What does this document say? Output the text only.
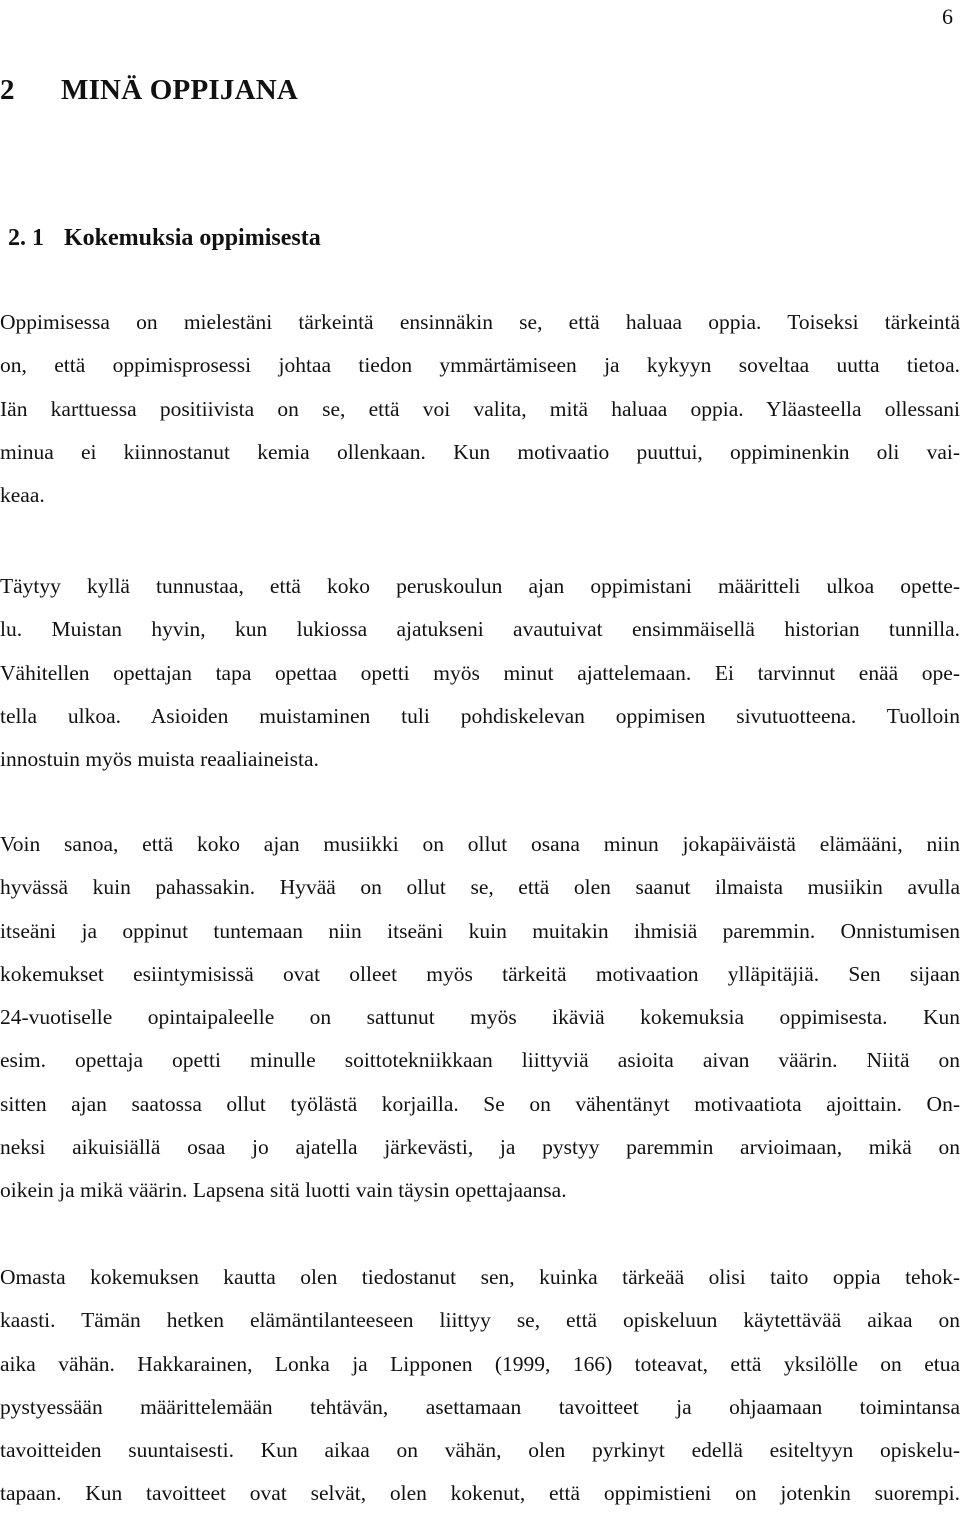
6
2 MINÄ OPPIJANA
2. 1 Kokemuksia oppimisesta
Oppimisessa on mielestäni tärkeintä ensinnäkin se, että haluaa oppia. Toiseksi tärkeintä
on, että oppimisprosessi johtaa tiedon ymmärtämiseen ja kykyyn soveltaa uutta tietoa.
Iän karttuessa positiivista on se, että voi valita, mitä haluaa oppia. Yläasteella ollessani
minua ei kiinnostanut kemia ollenkaan. Kun motivaatio puuttui, oppiminenkin oli vai-
keaa.
Täytyy kyllä tunnustaa, että koko peruskoulun ajan oppimistani määritteli ulkoa opette-
lu. Muistan hyvin, kun lukiossa ajatukseni avautuivat ensimmäisellä historian tunnilla.
Vähitellen opettajan tapa opettaa opetti myös minut ajattelemaan. Ei tarvinnut enää ope-
tella ulkoa. Asioiden muistaminen tuli pohdiskelevan oppimisen sivutuotteena. Tuolloin
innostuin myös muista reaaliaineista.
Voin sanoa, että koko ajan musiikki on ollut osana minun jokapäiväistä elämääni, niin
hyvässä kuin pahassakin. Hyvää on ollut se, että olen saanut ilmaista musiikin avulla
itseäni ja oppinut tuntemaan niin itseäni kuin muitakin ihmisiä paremmin. Onnistumisen
kokemukset esiintymisissä ovat olleet myös tärkeitä motivaation ylläpitäjiä. Sen sijaan
24-vuotiselle opintaipaleelle on sattunut myös ikäviä kokemuksia oppimisesta. Kun
esim. opettaja opetti minulle soittotekniikkaan liittyviä asioita aivan väärin. Niitä on
sitten ajan saatossa ollut työlästä korjailla. Se on vähentänyt motivaatiota ajoittain. On-
neksi aikuisiällä osaa jo ajatella järkevästi, ja pystyy paremmin arvioimaan, mikä on
oikein ja mikä väärin. Lapsena sitä luotti vain täysin opettajaansa.
Omasta kokemuksen kautta olen tiedostanut sen, kuinka tärkeää olisi taito oppia tehok-
kaasti. Tämän hetken elämäntilanteeseen liittyy se, että opiskeluun käytettävää aikaa on
aika vähän. Hakkarainen, Lonka ja Lipponen (1999, 166) toteavat, että yksilölle on etua
pystyessään määrittelemään tehtävän, asettamaan tavoitteet ja ohjaamaan toimintansa
tavoitteiden suuntaisesti. Kun aikaa on vähän, olen pyrkinyt edellä esiteltyyn opiskelu-
tapaan. Kun tavoitteet ovat selvät, olen kokenut, että oppimistieni on jotenkin suorempi.
